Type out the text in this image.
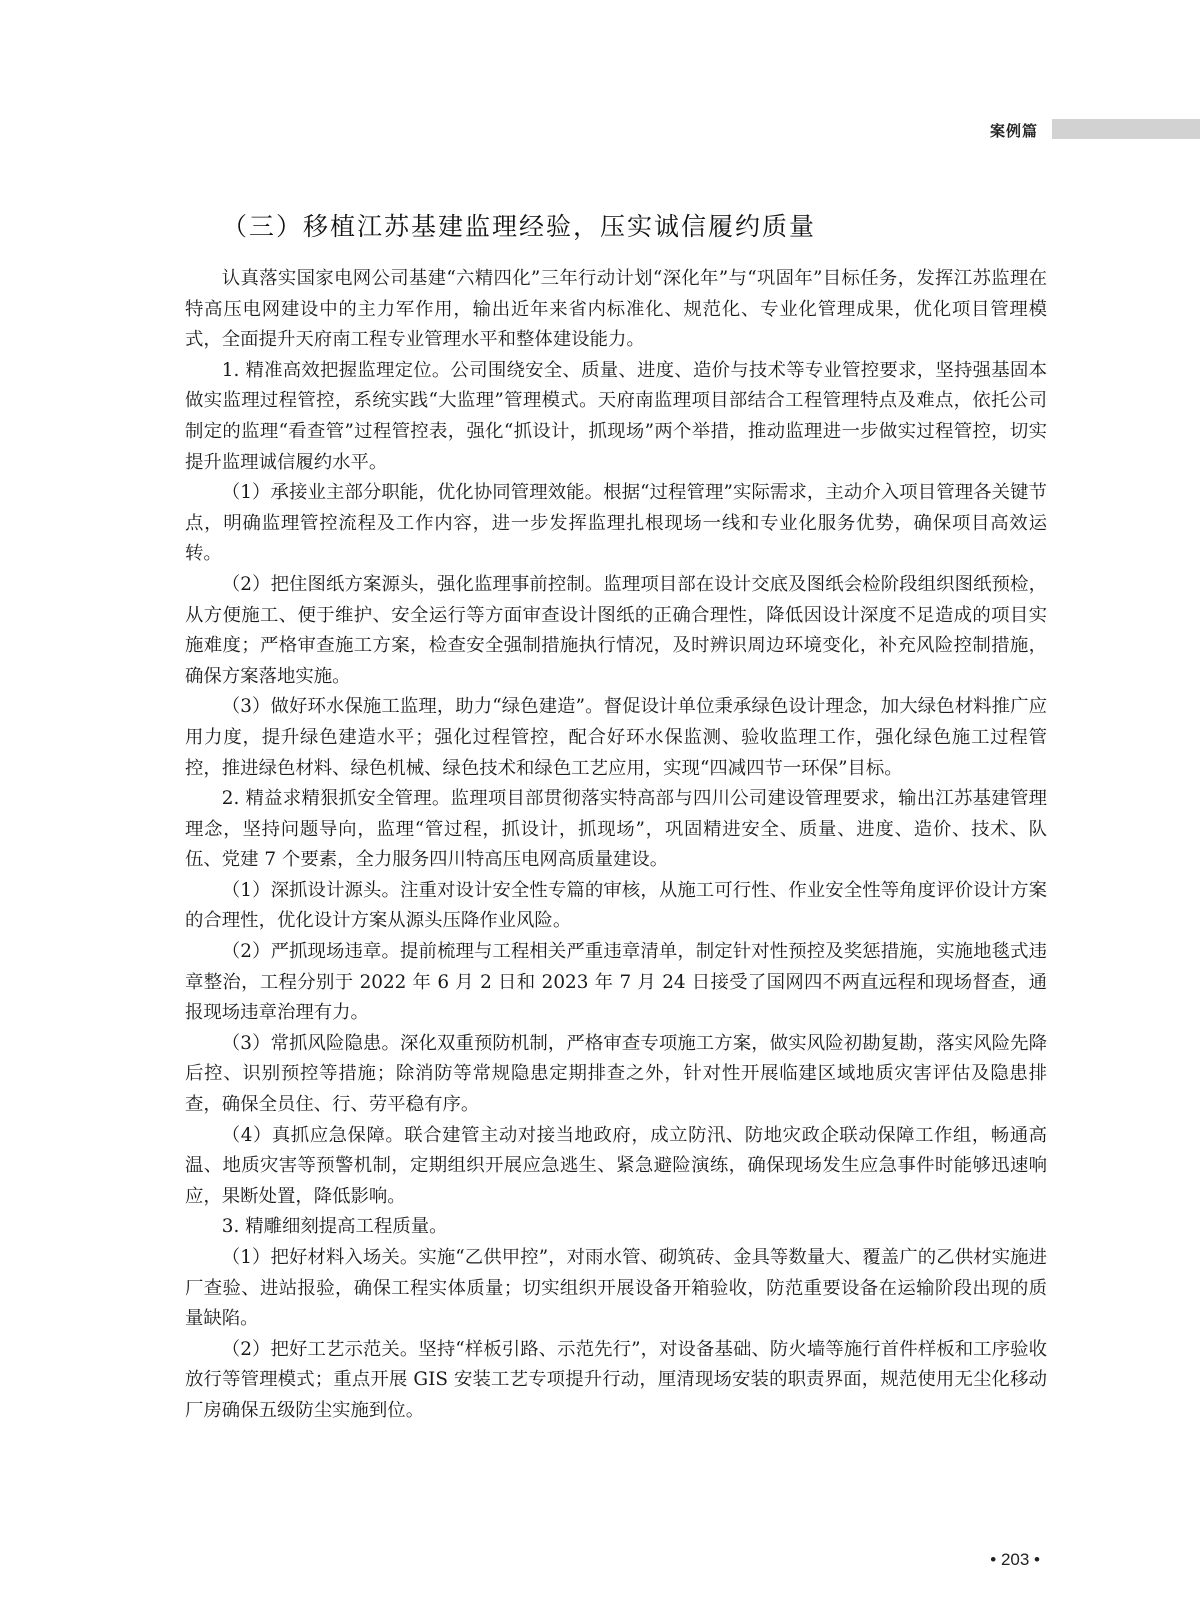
案例篇
（三）移植江苏基建监理经验，压实诚信履约质量

认真落实国家电网公司基建“六精四化”三年行动计划“深化年”与“巩固年”目标任务，发挥江苏监理在特高压电网建设中的主力军作用，输出近年来省内标准化、规范化、专业化管理成果，优化项目管理模式，全面提升天府南工程专业管理水平和整体建设能力。

1. 精准高效把握监理定位。公司围绕安全、质量、进度、造价与技术等专业管控要求，坚持强基固本做实监理过程管控，系统实践“大监理”管理模式。天府南监理项目部结合工程管理特点及难点，依托公司制定的监理“看查管”过程管控表，强化“抓设计，抓现场”两个举措，推动监理进一步做实过程管控，切实提升监理诚信履约水平。

（1）承接业主部分职能，优化协同管理效能。根据“过程管理”实际需求，主动介入项目管理各关键节点，明确监理管控流程及工作内容，进一步发挥监理扎根现场一线和专业化服务优势，确保项目高效运转。

（2）把住图纸方案源头，强化监理事前控制。监理项目部在设计交底及图纸会检阶段组织图纸预检，从方便施工、便于维护、安全运行等方面审查设计图纸的正确合理性，降低因设计深度不足造成的项目实施难度；严格审查施工方案，检查安全强制措施执行情况，及时辨识周边环境变化，补充风险控制措施，确保方案落地实施。

（3）做好环水保施工监理，助力“绿色建造”。督促设计单位秉承绿色设计理念，加大绿色材料推广应用力度，提升绿色建造水平；强化过程管控，配合好环水保监测、验收监理工作，强化绿色施工过程管控，推进绿色材料、绿色机械、绿色技术和绿色工艺应用，实现“四减四节一环保”目标。

2. 精益求精狠抓安全管理。监理项目部贯彻落实特高部与四川公司建设管理要求，输出江苏基建管理理念，坚持问题导向，监理“管过程，抓设计，抓现场”，巩固精进安全、质量、进度、造价、技术、队伍、党建 7 个要素，全力服务四川特高压电网高质量建设。

（1）深抓设计源头。注重对设计安全性专篇的审核，从施工可行性、作业安全性等角度评价设计方案的合理性，优化设计方案从源头压降作业风险。

（2）严抓现场违章。提前梳理与工程相关严重违章清单，制定针对性预控及奖惩措施，实施地毯式违章整治，工程分别于 2022 年 6 月 2 日和 2023 年 7 月 24 日接受了国网四不两直远程和现场督查，通报现场违章治理有力。

（3）常抓风险隐患。深化双重预防机制，严格审查专项施工方案，做实风险初勘复勘，落实风险先降后控、识别预控等措施；除消防等常规隐患定期排查之外，针对性开展临建区域地质灾害评估及隐患排查，确保全员住、行、劳平稳有序。

（4）真抓应急保障。联合建管主动对接当地政府，成立防汛、防地灾政企联动保障工作组，畅通高温、地质灾害等预警机制，定期组织开展应急逃生、紧急避险演练，确保现场发生应急事件时能够迅速响应，果断处置，降低影响。

3. 精雕细刻提高工程质量。

（1）把好材料入场关。实施“乙供甲控”，对雨水管、砌筑砖、金具等数量大、覆盖广的乙供材实施进厂查验、进站报验，确保工程实体质量；切实组织开展设备开箱验收，防范重要设备在运输阶段出现的质量缺陷。

（2）把好工艺示范关。坚持“样板引路、示范先行”，对设备基础、防火墙等施行首件样板和工序验收放行等管理模式；重点开展 GIS 安装工艺专项提升行动，厘清现场安装的职责界面，规范使用无尘化移动厂房确保五级防尘实施到位。

• 203 •
